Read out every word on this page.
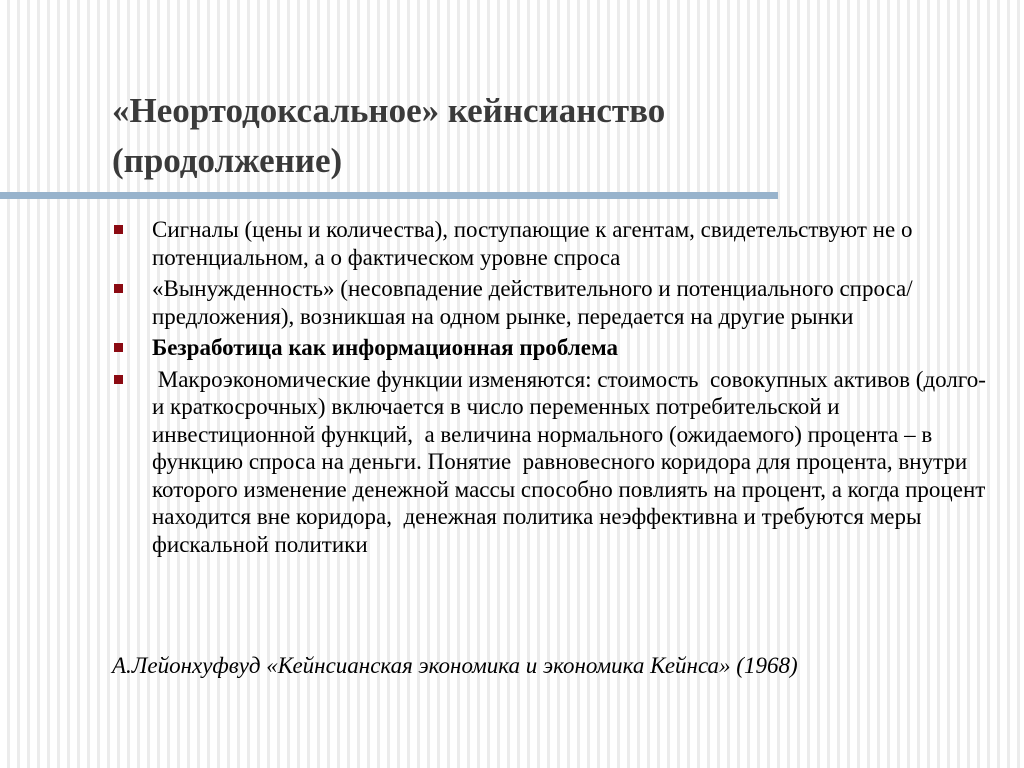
«Неортодоксальное» кейнсианство
(продолжение)
Сигналы (цены и количества), поступающие к агентам, свидетельствуют не о потенциальном, а о фактическом уровне спроса
«Вынужденность» (несовпадение действительного и потенциального спроса/предложения), возникшая на одном рынке, передается на другие рынки
Безработица как информационная проблема
Макроэкономические функции изменяются: стоимость  совокупных активов (долго- и краткосрочных) включается в число переменных потребительской и инвестиционной функций,  а величина нормального (ожидаемого) процента – в функцию спроса на деньги. Понятие  равновесного коридора для процента, внутри  которого изменение денежной массы способно повлиять на процент, а когда процент находится вне коридора,  денежная политика неэффективна и требуются меры фискальной политики

А.Лейонхуфвуд «Кейнсианская экономика и экономика Кейнса» (1968)
